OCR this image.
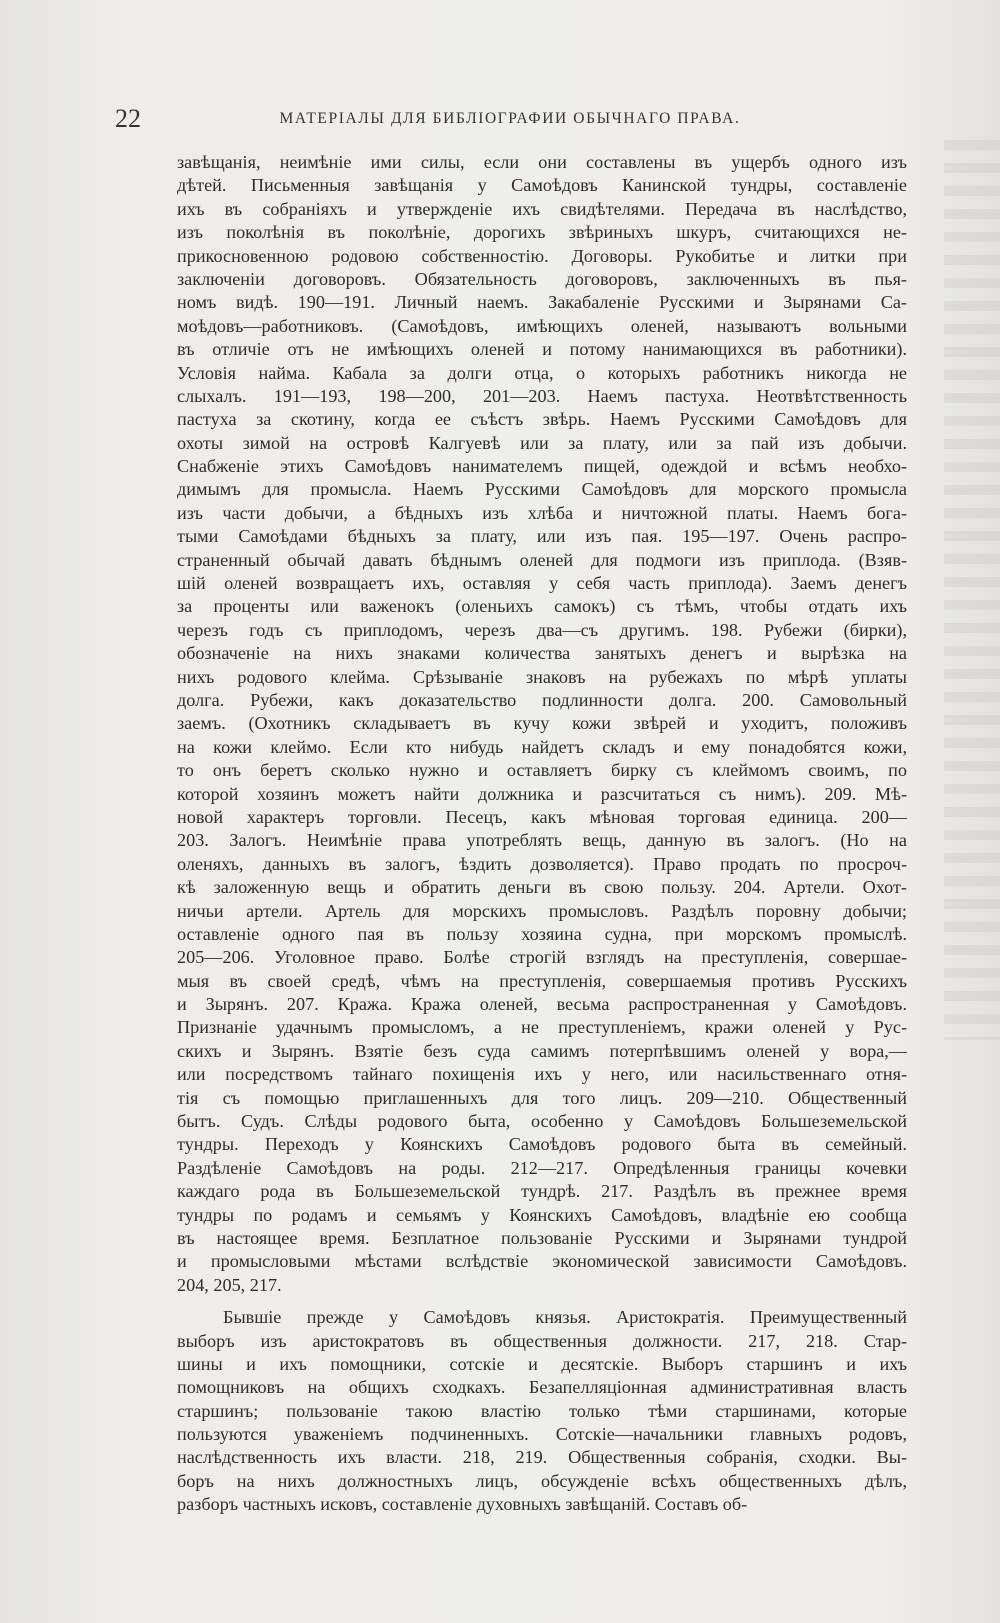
22	МАТЕРІАЛЫ ДЛЯ БИБЛІОГРАФИИ ОБЫЧНАГО ПРАВА.
завѣщанія, неимѣніе ими силы, если они составлены въ ущербъ одного изъ
дѣтей. Письменныя завѣщанія у Самоѣдовъ Канинской тундры, составленіе
ихъ въ собраніяхъ и утвержденіе ихъ свидѣтелями. Передача въ наслѣдство,
изъ поколѣнія въ поколѣніе, дорогихъ звѣриныхъ шкуръ, считающихся не-
прикосновенною родовою собственностію. Договоры. Рукобитье и литки при
заключеніи договоровъ. Обязательность договоровъ, заключенныхъ въ пья-
номъ видѣ. 190—191. Личный наемъ. Закабаленіе Русскими и Зырянами Са-
моѣдовъ—работниковъ. (Самоѣдовъ, имѣющихъ оленей, называютъ вольными
въ отличіе отъ не имѣющихъ оленей и потому нанимающихся въ работники).
Условія найма. Кабала за долги отца, о которыхъ работникъ никогда не
слыхалъ. 191—193, 198—200, 201—203. Наемъ пастуха. Неотвѣтственность
пастуха за скотину, когда ее съѣстъ звѣрь. Наемъ Русскими Самоѣдовъ для
охоты зимой на островѣ Калгуевѣ или за плату, или за пай изъ добычи.
Снабженіе этихъ Самоѣдовъ нанимателемъ пищей, одеждой и всѣмъ необхо-
димымъ для промысла. Наемъ Русскими Самоѣдовъ для морского промысла
изъ части добычи, а бѣдныхъ изъ хлѣба и ничтожной платы. Наемъ бога-
тыми Самоѣдами бѣдныхъ за плату, или изъ пая. 195—197. Очень распро-
страненный обычай давать бѣднымъ оленей для подмоги изъ приплода. (Взяв-
шій оленей возвращаетъ ихъ, оставляя у себя часть приплода). Заемъ денегъ
за проценты или важенокъ (оленьихъ самокъ) съ тѣмъ, чтобы отдать ихъ
черезъ годъ съ приплодомъ, черезъ два—съ другимъ. 198. Рубежи (бирки),
обозначеніе на нихъ знаками количества занятыхъ денегъ и вырѣзка на
нихъ родового клейма. Срѣзываніе знаковъ на рубежахъ по мѣрѣ уплаты
долга. Рубежи, какъ доказательство подлинности долга. 200. Самовольный
заемъ. (Охотникъ складываетъ въ кучу кожи звѣрей и уходитъ, положивъ
на кожи клеймо. Если кто нибудь найдетъ складъ и ему понадобятся кожи,
то онъ беретъ сколько нужно и оставляетъ бирку съ клеймомъ своимъ, по
которой хозяинъ можетъ найти должника и разсчитаться съ нимъ). 209. Мѣ-
новой характеръ торговли. Песецъ, какъ мѣновая торговая единица. 200—
203. Залогъ. Неимѣніе права употреблять вещь, данную въ залогъ. (Но на
оленяхъ, данныхъ въ залогъ, ѣздить дозволяется). Право продать по просроч-
кѣ заложенную вещь и обратить деньги въ свою пользу. 204. Артели. Охот-
ничьи артели. Артель для морскихъ промысловъ. Раздѣлъ поровну добычи;
оставленіе одного пая въ пользу хозяина судна, при морскомъ промыслѣ.
205—206. Уголовное право. Болѣе строгій взглядъ на преступленія, совершае-
мыя въ своей средѣ, чѣмъ на преступленія, совершаемыя противъ Русскихъ
и Зырянъ. 207. Кража. Кража оленей, весьма распространенная у Самоѣдовъ.
Признаніе удачнымъ промысломъ, а не преступленіемъ, кражи оленей у Рус-
скихъ и Зырянъ. Взятіе безъ суда самимъ потерпѣвшимъ оленей у вора,—
или посредствомъ тайнаго похищенія ихъ у него, или насильственнаго отня-
тія съ помощью приглашенныхъ для того лицъ. 209—210. Общественный
бытъ. Судъ. Слѣды родового быта, особенно у Самоѣдовъ Большеземельской
тундры. Переходъ у Коянскихъ Самоѣдовъ родового быта въ семейный.
Раздѣленіе Самоѣдовъ на роды. 212—217. Опредѣленныя границы кочевки
каждаго рода въ Большеземельской тундрѣ. 217. Раздѣлъ въ прежнее время
тундры по родамъ и семьямъ у Коянскихъ Самоѣдовъ, владѣніе ею сообща
въ настоящее время. Безплатное пользованіе Русскими и Зырянами тундрой
и промысловыми мѣстами вслѣдствіе экономической зависимости Самоѣдовъ.
204, 205, 217.
Бывшіе прежде у Самоѣдовъ князья. Аристократія. Преимущественный
выборъ изъ аристократовъ въ общественныя должности. 217, 218. Стар-
шины и ихъ помощники, сотскіе и десятскіе. Выборъ старшинъ и ихъ
помощниковъ на общихъ сходкахъ. Безапелляціонная административная власть
старшинъ; пользованіе такою властію только тѣми старшинами, которые
пользуются уваженіемъ подчиненныхъ. Сотскіе—начальники главныхъ родовъ,
наслѣдственность ихъ власти. 218, 219. Общественныя собранія, сходки. Вы-
боръ на нихъ должностныхъ лицъ, обсужденіе всѣхъ общественныхъ дѣлъ,
разборъ частныхъ исковъ, составленіе духовныхъ завѣщаній. Составъ об-
